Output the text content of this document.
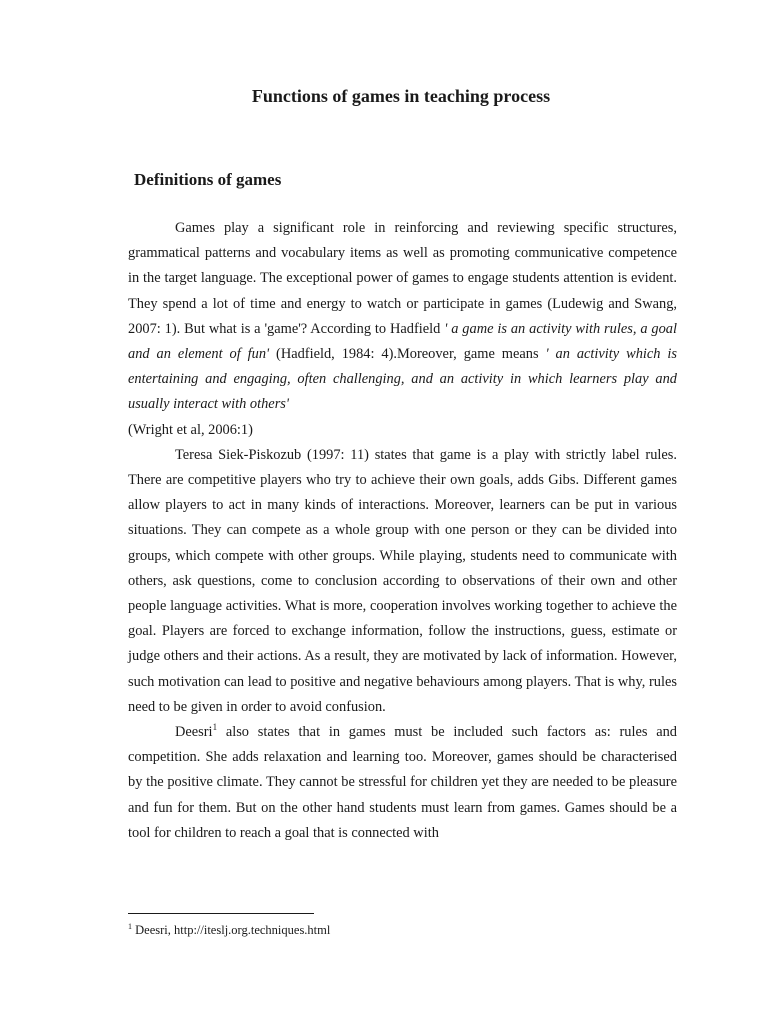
Functions of games in teaching process
Definitions of games

Games play a significant role in reinforcing and reviewing specific structures, grammatical patterns and vocabulary items as well as promoting communicative competence in the target language. The exceptional power of games to engage students attention is evident. They spend a lot of time and energy to watch or participate in games (Ludewig and Swang, 2007: 1). But what is a 'game'? According to Hadfield ' a game is an activity with rules, a goal and an element of fun' (Hadfield, 1984: 4).Moreover, game means ' an activity which is entertaining and engaging, often challenging, and an activity in which learners play and usually interact with others'

(Wright et al, 2006:1)

Teresa Siek-Piskozub (1997: 11) states that game is a play with strictly label rules. There are competitive players who try to achieve their own goals, adds Gibs. Different games allow players to act in many kinds of interactions. Moreover, learners can be put in various situations. They can compete as a whole group with one person or they can be divided into groups, which compete with other groups. While playing, students need to communicate with others, ask questions, come to conclusion according to observations of their own and other people language activities. What is more, cooperation involves working together to achieve the goal. Players are forced to exchange information, follow the instructions, guess, estimate or judge others and their actions. As a result, they are motivated by lack of information. However, such motivation can lead to positive and negative behaviours among players. That is why, rules need to be given in order to avoid confusion.

Deesri$^1$ also states that in games must be included such factors as: rules and competition. She adds relaxation and learning too. Moreover, games should be characterised by the positive climate. They cannot be stressful for children yet they are needed to be pleasure and fun for them. But on the other hand students must learn from games. Games should be a tool for children to reach a goal that is connected with

$^1$ Deesri, http://iteslj.org.techniques.html
